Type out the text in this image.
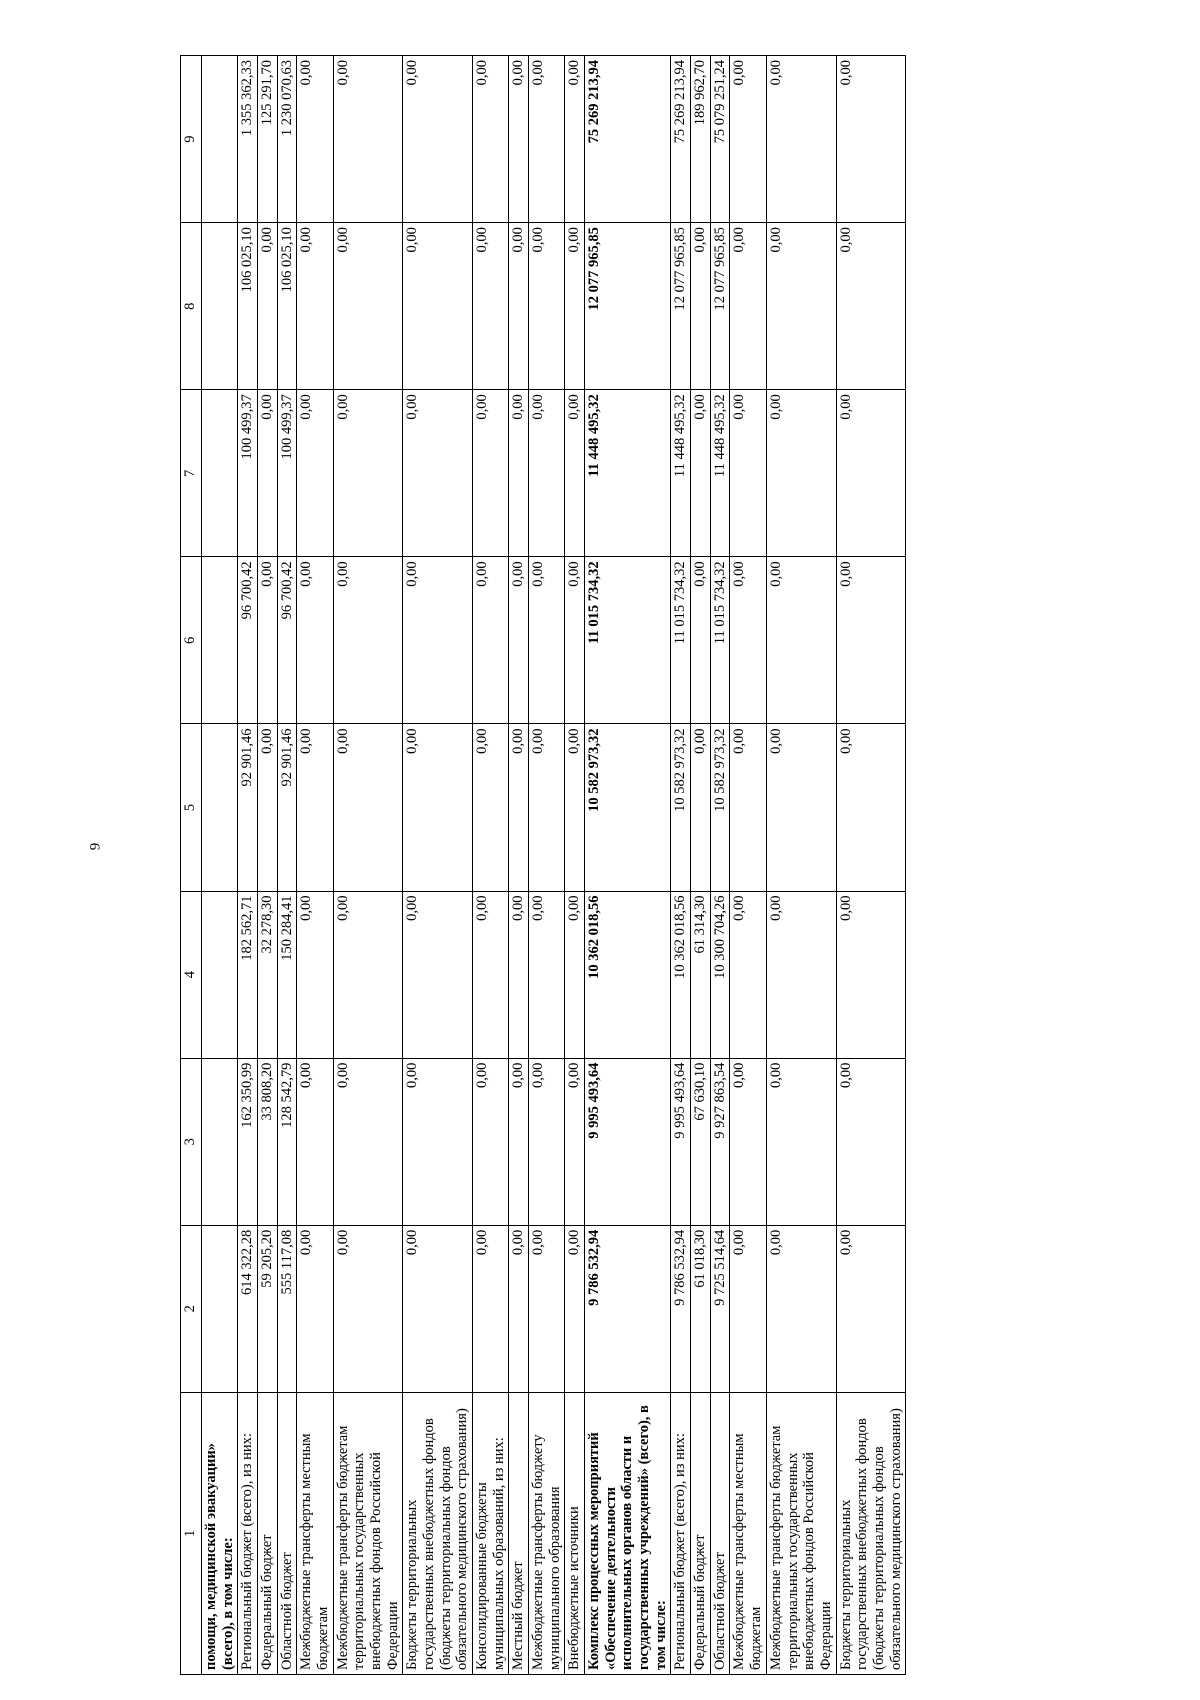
9
1	2	3	4	5	6	7	8	9
помощи, медицинской эвакуации» (всего), в том числе:								
Региональный бюджет (всего), из них:	614 322,28	162 350,99	182 562,71	92 901,46	96 700,42	100 499,37	106 025,10	1 355 362,33
Федеральный бюджет	59 205,20	33 808,20	32 278,30	0,00	0,00	0,00	0,00	125 291,70
Областной бюджет	555 117,08	128 542,79	150 284,41	92 901,46	96 700,42	100 499,37	106 025,10	1 230 070,63
Межбюджетные трансферты местным бюджетам	0,00	0,00	0,00	0,00	0,00	0,00	0,00	0,00
Межбюджетные трансферты бюджетам территориальных государственных внебюджетных фондов Российской Федерации	0,00	0,00	0,00	0,00	0,00	0,00	0,00	0,00
Бюджеты территориальных государственных внебюджетных фондов (бюджеты территориальных фондов обязательного медицинского страхования)	0,00	0,00	0,00	0,00	0,00	0,00	0,00	0,00
Консолидированные бюджеты муниципальных образований, из них:	0,00	0,00	0,00	0,00	0,00	0,00	0,00	0,00
Местный бюджет	0,00	0,00	0,00	0,00	0,00	0,00	0,00	0,00
Межбюджетные трансферты бюджету муниципального образования	0,00	0,00	0,00	0,00	0,00	0,00	0,00	0,00
Внебюджетные источники	0,00	0,00	0,00	0,00	0,00	0,00	0,00	0,00
Комплекс процессных мероприятий «Обеспечение деятельности исполнительных органов области и государственных учреждений» (всего), в том числе:	9 786 532,94	9 995 493,64	10 362 018,56	10 582 973,32	11 015 734,32	11 448 495,32	12 077 965,85	75 269 213,94
Региональный бюджет (всего), из них:	9 786 532,94	9 995 493,64	10 362 018,56	10 582 973,32	11 015 734,32	11 448 495,32	12 077 965,85	75 269 213,94
Федеральный бюджет	61 018,30	67 630,10	61 314,30	0,00	0,00	0,00	0,00	189 962,70
Областной бюджет	9 725 514,64	9 927 863,54	10 300 704,26	10 582 973,32	11 015 734,32	11 448 495,32	12 077 965,85	75 079 251,24
Межбюджетные трансферты местным бюджетам	0,00	0,00	0,00	0,00	0,00	0,00	0,00	0,00
Межбюджетные трансферты бюджетам территориальных государственных внебюджетных фондов Российской Федерации	0,00	0,00	0,00	0,00	0,00	0,00	0,00	0,00
Бюджеты территориальных государственных внебюджетных фондов (бюджеты территориальных фондов обязательного медицинского страхования)	0,00	0,00	0,00	0,00	0,00	0,00	0,00	0,00
